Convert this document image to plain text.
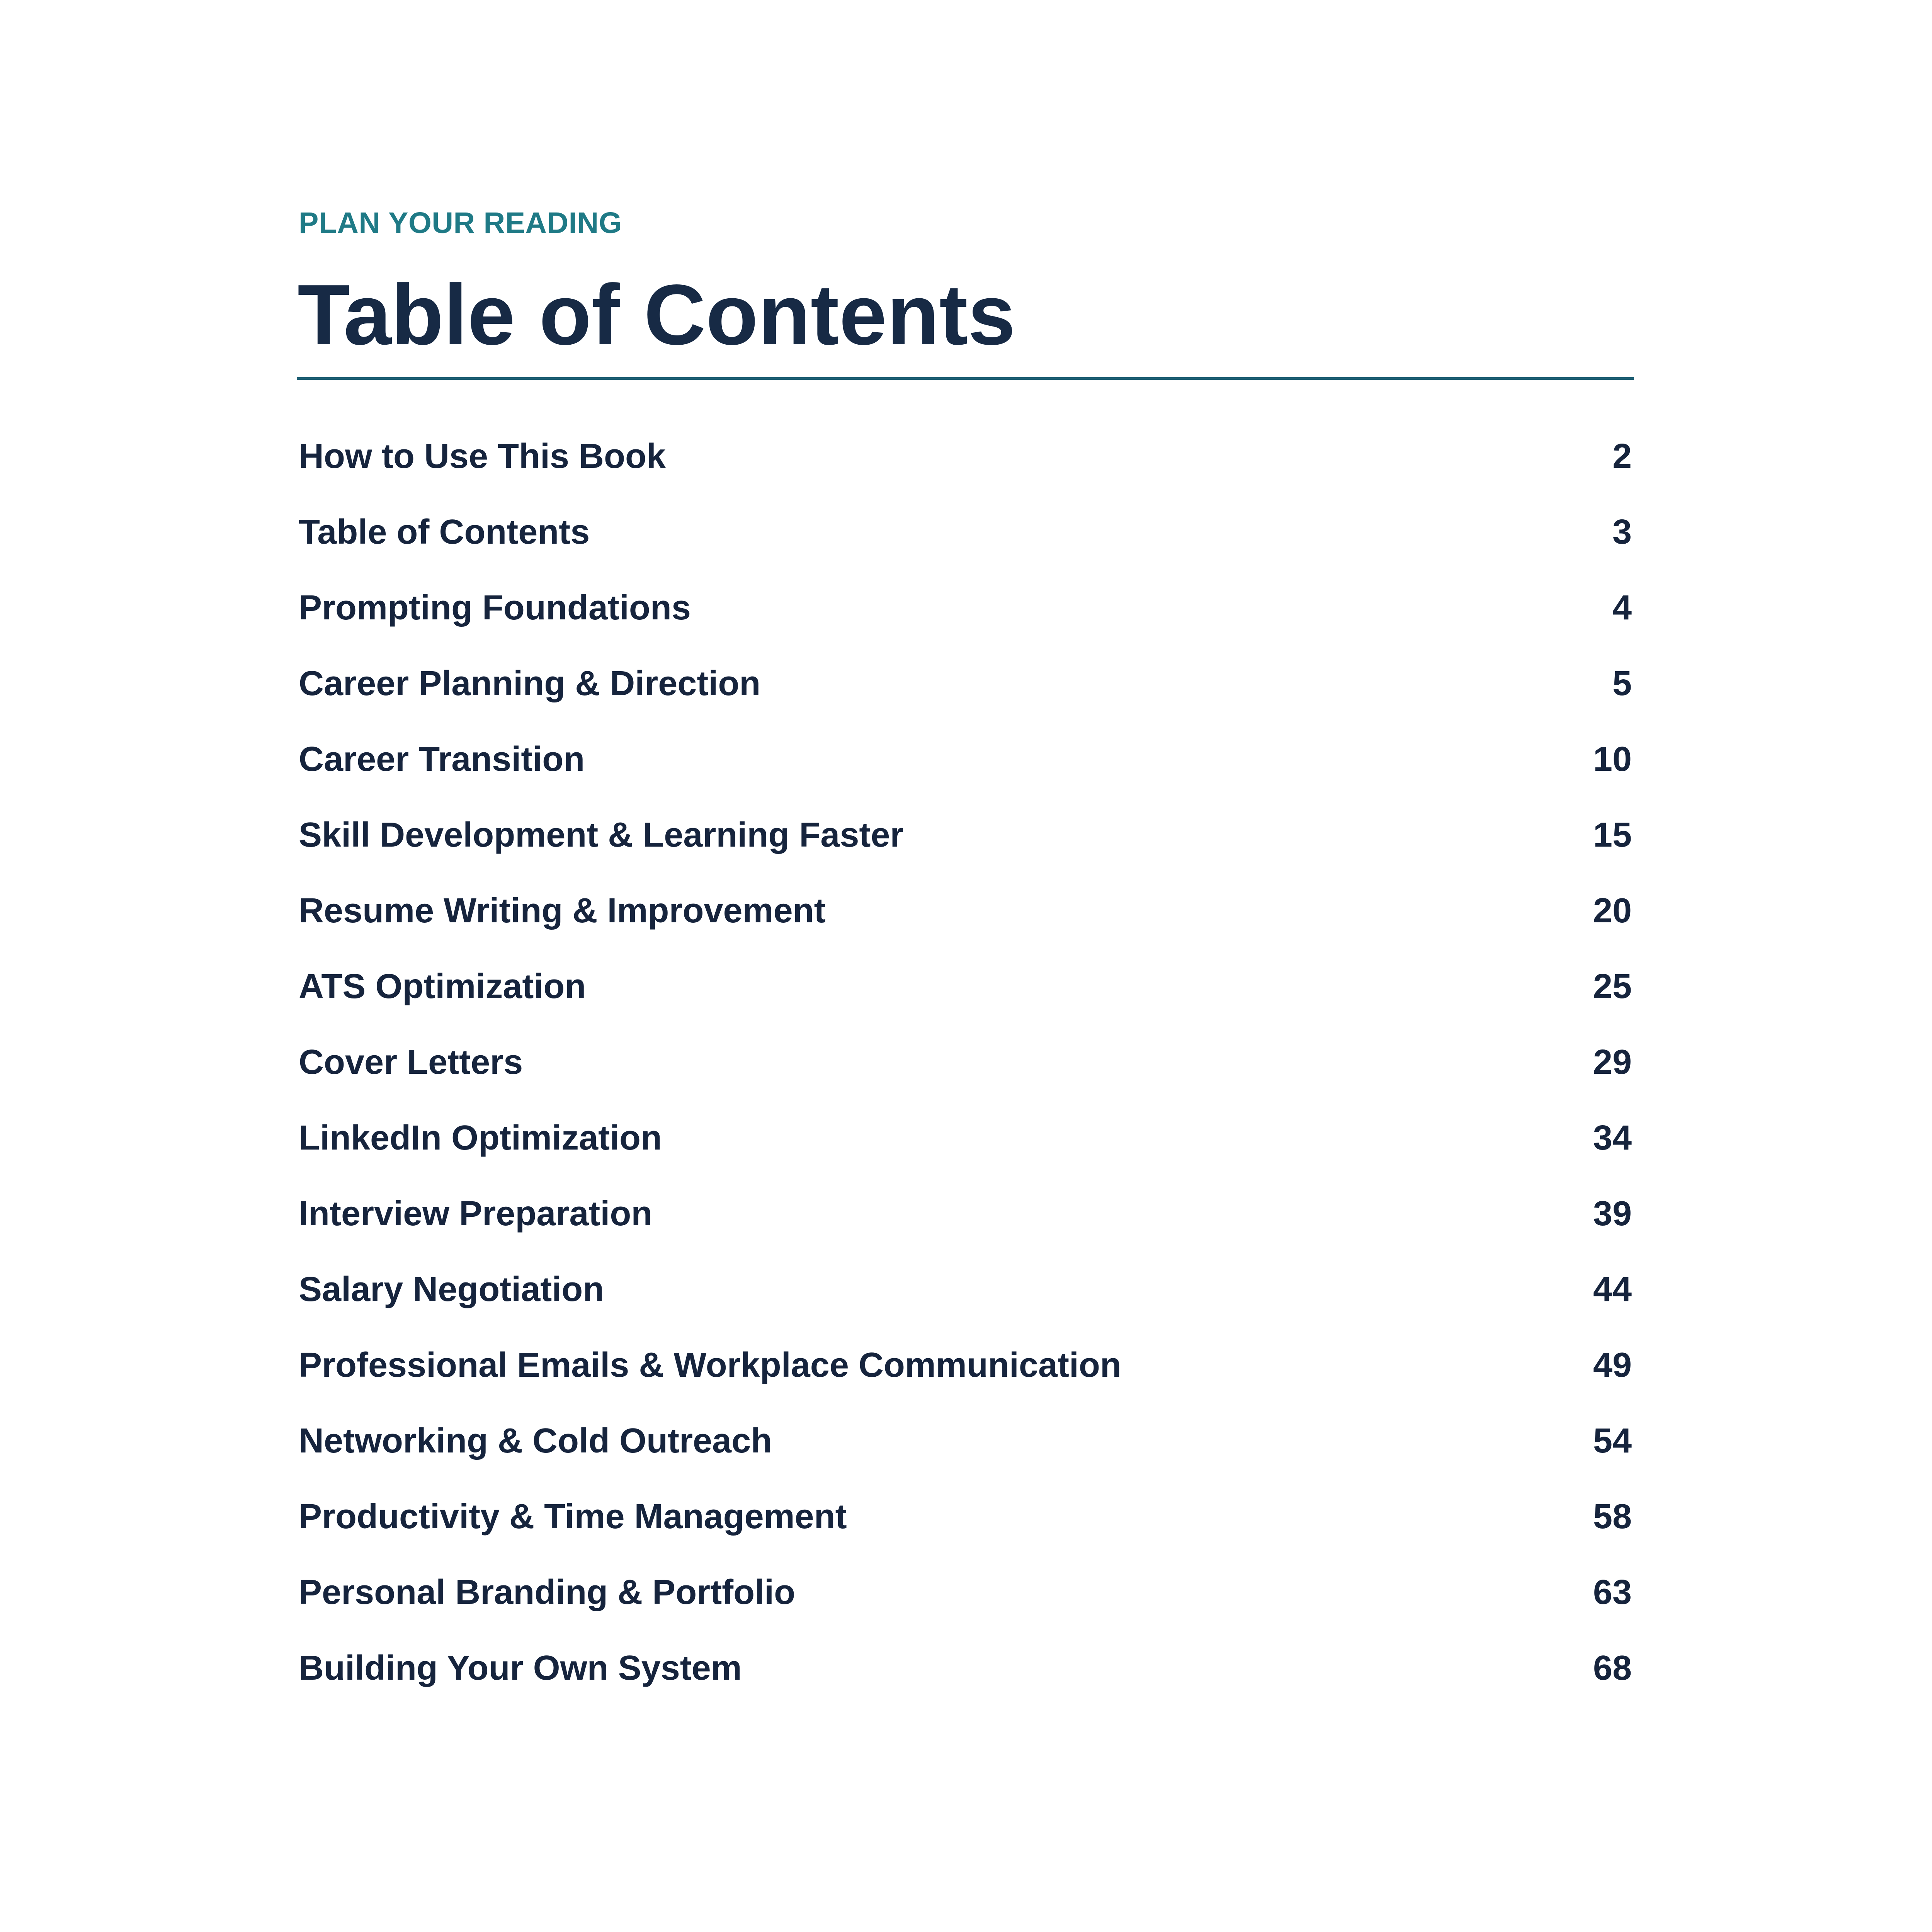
PLAN YOUR READING
Table of Contents
How to Use This Book	2
Table of Contents	3
Prompting Foundations	4
Career Planning & Direction	5
Career Transition	10
Skill Development & Learning Faster	15
Resume Writing & Improvement	20
ATS Optimization	25
Cover Letters	29
LinkedIn Optimization	34
Interview Preparation	39
Salary Negotiation	44
Professional Emails & Workplace Communication	49
Networking & Cold Outreach	54
Productivity & Time Management	58
Personal Branding & Portfolio	63
Building Your Own System	68
